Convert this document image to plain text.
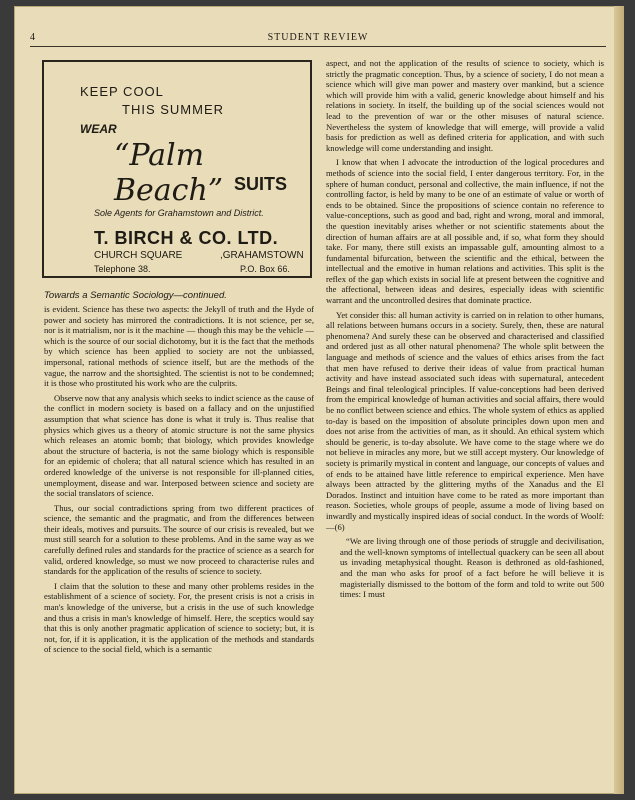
4	STUDENT REVIEW
KEEP COOL
THIS SUMMER
WEAR
“Palm Beach” SUITS
Sole Agents for Grahamstown and District.
T. BIRCH & CO. LTD.
CHURCH SQUARE	,GRAHAMSTOWN
Telephone 38.	P.O. Box 66.
Towards a Semantic Sociology—continued.

is evident. Science has these two aspects: the Jekyll of truth and the Hyde of power and society has mirrored the contradictions. It is not science, per se, nor is it matrialism, nor is it the machine — though this may be the vehicle — which is the source of our social dichotomy, but it is the fact that the methods by which science has been applied to society are not the unbiassed, impersonal, rational methods of science itself, but are the methods of the vague, the narrow and the shortsighted. The scientist is not to be condemned; it is those who prostituted his work who are the culprits.

Observe now that any analysis which seeks to indict science as the cause of the conflict in modern society is based on a fallacy and on the unjustified assumption that what science has done is what it truly is. Thus realise that physics which gives us a theory of atomic structure is not the same physics which releases an atomic bomb; that biology, which provides knowledge about the structure of bacteria, is not the same biology which is responsible for an epidemic of cholera; that all natural science which has resulted in an ordered knowledge of the universe is not responsible for ill-planned cities, unemployment, disease and war. Interposed between science and society are the social translators of science.

Thus, our social contradictions spring from two different practices of science, the semantic and the pragmatic, and from the differences between their ideals, motives and pursuits. The source of our crisis is revealed, but we must still search for a solution to these problems. And in the same way as we carefully defined rules and standards for the practice of science as a search for valid, ordered knowledge, so must we now proceed to characterise rules and standards for the application of the results of science to society.

I claim that the solution to these and many other problems resides in the establishment of a science of society. For, the present crisis is not a crisis in man's knowledge of the universe, but a crisis in the use of such knowledge and thus a crisis in man's knowledge of himself. Here, the sceptics would say that this is only another pragmatic application of science to society; but, it is not, for, if it is application, it is the application of the methods and standards of science to the social field, which is a semantic

aspect, and not the application of the results of science to society, which is strictly the pragmatic conception. Thus, by a science of society, I do not mean a science which will give man power and mastery over mankind, but a science which will provide him with a valid, generic knowledge about himself and his relations in society. In itself, the building up of the social sciences would not lead to the prevention of war or the other misuses of natural science. Nevertheless the system of knowledge that will emerge, will provide a valid basis for prediction as well as defined criteria for application, and with such knowledge will come understanding and insight.

I know that when I advocate the introduction of the logical procedures and methods of science into the social field, I enter dangerous territory. For, in the sphere of human conduct, personal and collective, the main influence, if not the controlling factor, is held by many to be one of an estimate of value or worth of ends to be obtained. Since the propositions of science contain no reference to value-conceptions, such as good and bad, right and wrong, moral and immoral, the question inevitably arises whether or not scientific statements about the direction of human affairs are at all possible and, if so, what form they should take. For many, there still exists an impassable gulf, amounting almost to a fundamental bifurcation, between the scientific and the ethical, between the intellectual and the emotive in human relations and activities. This split is the reflex of the gap which exists in social life at present between the cognitive and the affectional, between ideas and desires, especially ideas with scientific warrant and the uncontrolled desires that dominate practice.

Yet consider this: all human activity is carried on in relation to other humans, all relations between humans occurs in a society. Surely, then, these are natural phenomena? And surely these can be observed and characterised and classified and ordered just as all other natural phenomena? The whole split between the language and methods of science and the values of ethics arises from the fact that men have refused to derive their ideas of value from practical human activity and have instead associated such ideas with supernatural, antecedent Beings and final teleological principles. If value-conceptions had been derived from the empirical knowledge of human activities and social affairs, there would be no conflict between science and ethics. The whole system of ethics as applied to-day is based on the imposition of absolute principles down upon men and does not arise from the activities of man, as it should. An ethical system which should be generic, is to-day absolute. We have come to the stage where we do not believe in miracles any more, but we still accept mystery. Our knowledge of society is primarily mystical in content and language, our concepts of values and of ends to be attained have little reference to empirical experience. Men have always been attracted by the glittering myths of the Xanadus and the El Dorados. Instinct and intuition have come to be rated as more important than reason. Societies, whole groups of people, assume a mode of living based on inwardly and mystically inspired ideas of social conduct. In the words of Woolf:—(6)

“We are living through one of those periods of struggle and decivilisation, and the well-known symptoms of intellectual quackery can be seen all about us invading metaphysical thought. Reason is dethroned as old-fashioned, and the man who asks for proof of a fact before he will believe it is magisterially dismissed to the bottom of the form and told to write out 500 times: I must
